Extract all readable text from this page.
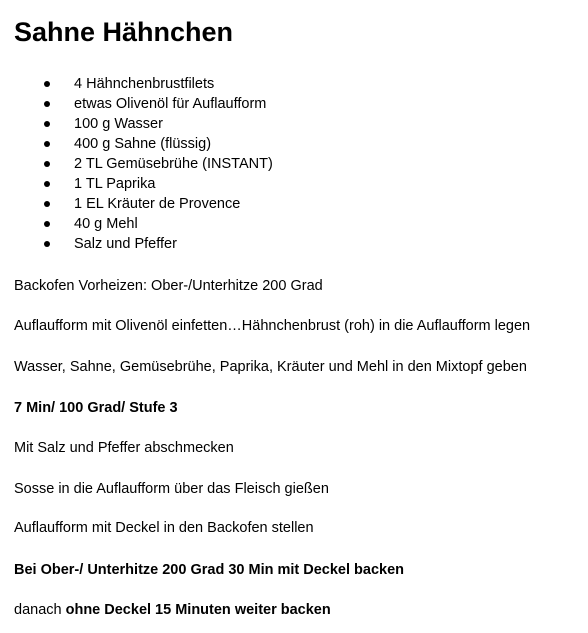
Sahne Hähnchen
4 Hähnchenbrustfilets
etwas Olivenöl für Auflaufform
100 g Wasser
400 g Sahne (flüssig)
2 TL Gemüsebrühe (INSTANT)
1 TL Paprika
1 EL Kräuter de Provence
40 g Mehl
Salz und Pfeffer

Backofen Vorheizen: Ober-/Unterhitze 200 Grad

Auflaufform mit Olivenöl einfetten…Hähnchenbrust (roh) in die Auflaufform legen

Wasser, Sahne, Gemüsebrühe, Paprika, Kräuter und Mehl in den Mixtopf geben

7 Min/ 100 Grad/ Stufe 3

Mit Salz und Pfeffer abschmecken

Sosse in die Auflaufform über das Fleisch gießen

Auflaufform mit Deckel in den Backofen stellen

Bei Ober-/ Unterhitze 200 Grad 30 Min mit Deckel backen

danach ohne Deckel 15 Minuten weiter backen
